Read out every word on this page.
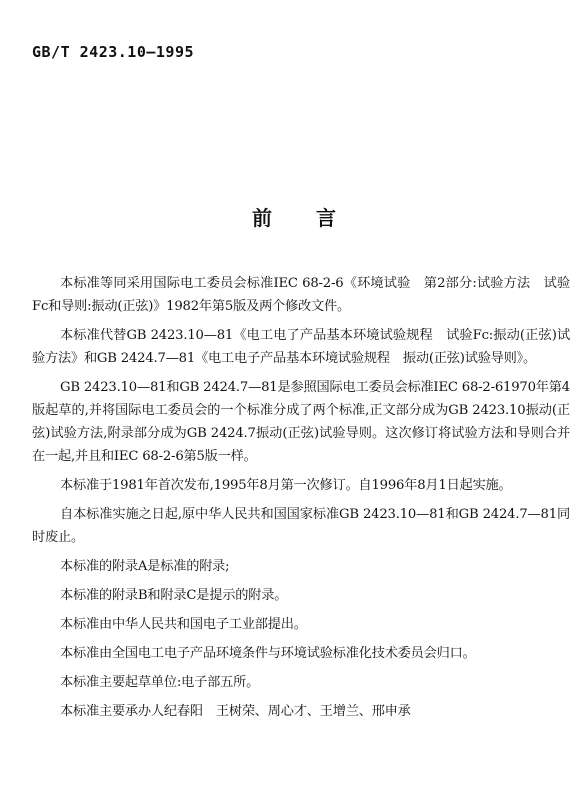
GB/T 2423.10—1995
前言

本标准等同采用国际电工委员会标准IEC 68-2-6《环境试验　第2部分:试验方法　试验Fc和导则:振动(正弦)》1982年第5版及两个修改文件。

本标准代替GB 2423.10—81《电工电了产品基本环境试验规程　试验Fc:振动(正弦)试验方法》和GB 2424.7—81《电工电子产品基本环境试验规程　振动(正弦)试验导则》。

GB 2423.10—81和GB 2424.7—81是参照国际电工委员会标准IEC 68-2-61970年第4版起草的,并将国际电工委员会的一个标准分成了两个标准,正文部分成为GB 2423.10振动(正弦)试验方法,附录部分成为GB 2424.7振动(正弦)试验导则。这次修订将试验方法和导则合并在一起,并且和IEC 68-2-6第5版一样。

本标准于1981年首次发布,1995年8月第一次修订。自1996年8月1日起实施。

自本标准实施之日起,原中华人民共和国国家标准GB 2423.10—81和GB 2424.7—81同时废止。

本标准的附录A是标准的附录;

本标准的附录B和附录C是提示的附录。

本标准由中华人民共和国电子工业部提出。

本标准由全国电工电子产品环境条件与环境试验标准化技术委员会归口。

本标准主要起草单位:电子部五所。

本标准主要承办人纪春阳　王树荣、周心才、王增兰、邢申承
